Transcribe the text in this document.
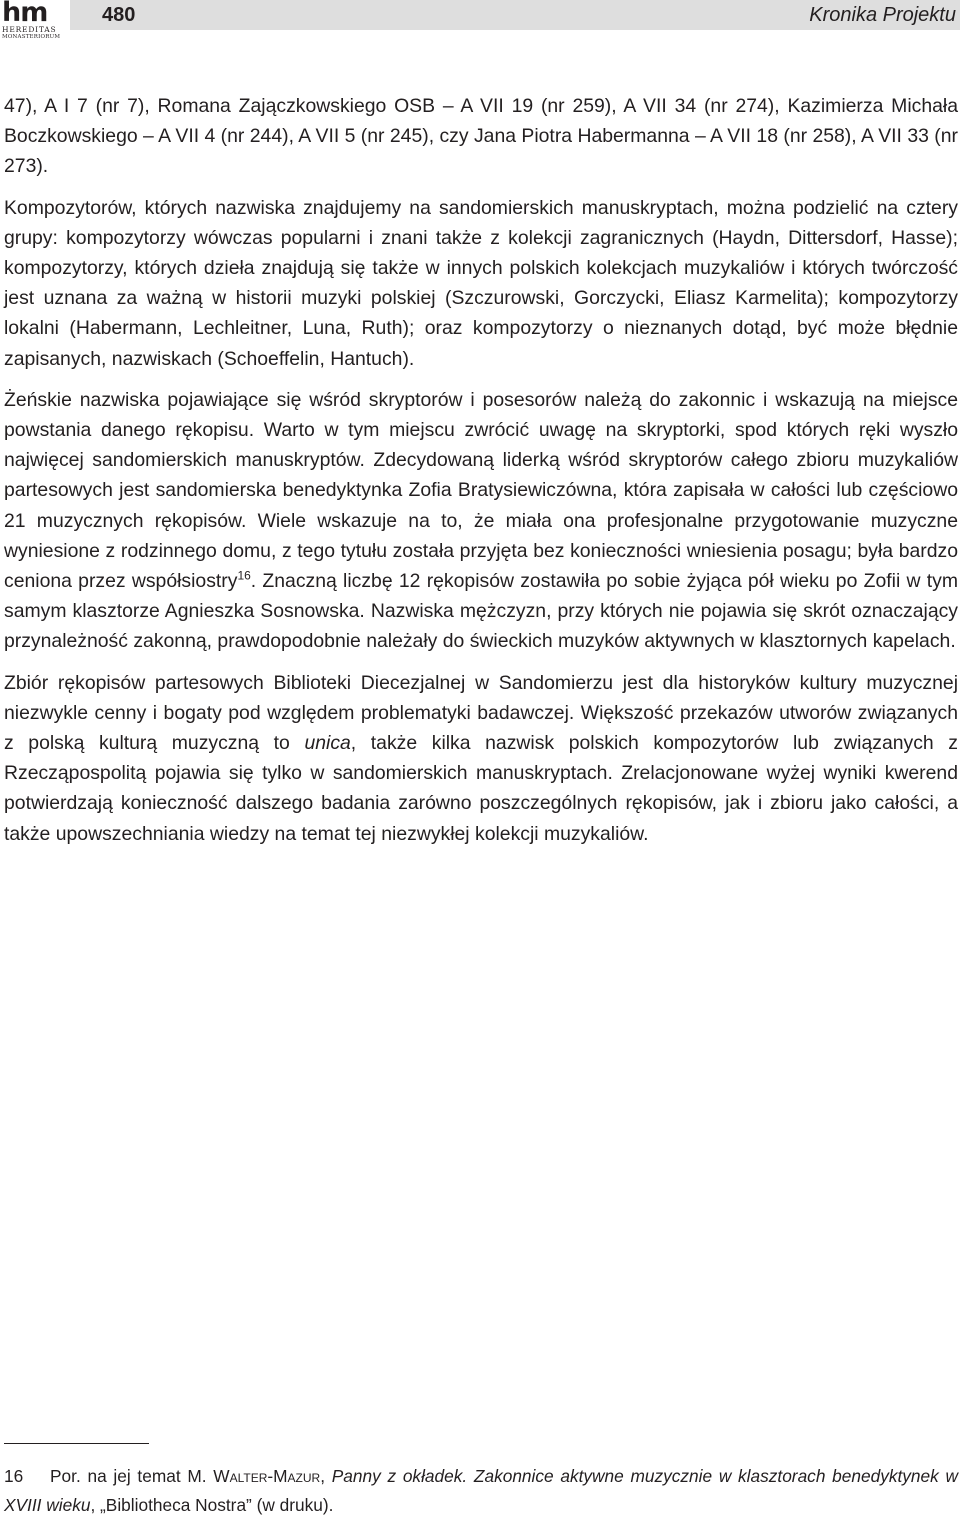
hm
HEREDITAS
MONASTERIORUM
480	Kronika Projektu

47), A I 7 (nr 7), Romana Zajączkowskiego OSB – A VII 19 (nr 259), A VII 34 (nr 274), Kazimierza Michała Boczkowskiego – A VII 4 (nr 244), A VII 5 (nr 245), czy Jana Piotra Habermanna – A VII 18 (nr 258), A VII 33 (nr 273).

Kompozytorów, których nazwiska znajdujemy na sandomierskich manuskryptach, można podzielić na cztery grupy: kompozytorzy wówczas popularni i znani także z kolekcji zagranicznych (Haydn, Dittersdorf, Hasse); kompozytorzy, których dzieła znajdują się także w innych polskich kolekcjach muzykaliów i których twórczość jest uznana za ważną w historii muzyki polskiej (Szczurowski, Gorczycki, Eliasz Karmelita); kompozytorzy lokalni (Habermann, Lechleitner, Luna, Ruth); oraz kompozytorzy o nieznanych dotąd, być może błędnie zapisanych, nazwiskach (Schoeffelin, Hantuch).

Żeńskie nazwiska pojawiające się wśród skryptorów i posesorów należą do zakonnic i wskazują na miejsce powstania danego rękopisu. Warto w tym miejscu zwrócić uwagę na skryptorki, spod których ręki wyszło najwięcej sandomierskich manuskryptów. Zdecydowaną liderką wśród skryptorów całego zbioru muzykaliów partesowych jest sandomierska benedyktynka Zofia Bratysiewiczówna, która zapisała w całości lub częściowo 21 muzycznych rękopisów. Wiele wskazuje na to, że miała ona profesjonalne przygotowanie muzyczne wyniesione z rodzinnego domu, z tego tytułu została przyjęta bez konieczności wniesienia posagu; była bardzo ceniona przez współsiostry$^{16}$. Znaczną liczbę 12 rękopisów zostawiła po sobie żyjąca pół wieku po Zofii w tym samym klasztorze Agnieszka Sosnowska. Nazwiska mężczyzn, przy których nie pojawia się skrót oznaczający przynależność zakonną, prawdopodobnie należały do świeckich muzyków aktywnych w klasztornych kapelach.

Zbiór rękopisów partesowych Biblioteki Diecezjalnej w Sandomierzu jest dla historyków kultury muzycznej niezwykle cenny i bogaty pod względem problematyki badawczej. Większość przekazów utworów związanych z polską kulturą muzyczną to unica, także kilka nazwisk polskich kompozytorów lub związanych z Rzecząpospolitą pojawia się tylko w sandomierskich manuskryptach. Zrelacjonowane wyżej wyniki kwerend potwierdzają konieczność dalszego badania zarówno poszczególnych rękopisów, jak i zbioru jako całości, a także upowszechniania wiedzy na temat tej niezwykłej kolekcji muzykaliów.

16 Por. na jej temat M. Walter-Mazur, Panny z okładek. Zakonnice aktywne muzycznie w klasztorach benedyktynek w XVIII wieku, „Bibliotheca Nostra” (w druku).
